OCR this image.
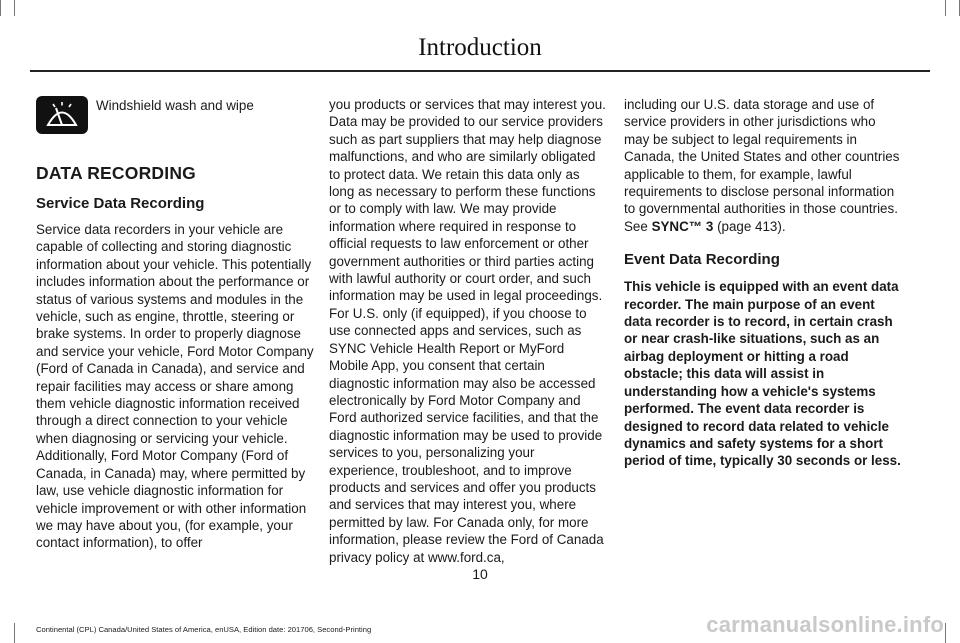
Introduction
Windshield wash and wipe
DATA RECORDING
Service Data Recording

Service data recorders in your vehicle are capable of collecting and storing diagnostic information about your vehicle. This potentially includes information about the performance or status of various systems and modules in the vehicle, such as engine, throttle, steering or brake systems. In order to properly diagnose and service your vehicle, Ford Motor Company (Ford of Canada in Canada), and service and repair facilities may access or share among them vehicle diagnostic information received through a direct connection to your vehicle when diagnosing or servicing your vehicle. Additionally, Ford Motor Company (Ford of Canada, in Canada) may, where permitted by law, use vehicle diagnostic information for vehicle improvement or with other information we may have about you, (for example, your contact information), to offer

you products or services that may interest you. Data may be provided to our service providers such as part suppliers that may help diagnose malfunctions, and who are similarly obligated to protect data. We retain this data only as long as necessary to perform these functions or to comply with law. We may provide information where required in response to official requests to law enforcement or other government authorities or third parties acting with lawful authority or court order, and such information may be used in legal proceedings. For U.S. only (if equipped), if you choose to use connected apps and services, such as SYNC Vehicle Health Report or MyFord Mobile App, you consent that certain diagnostic information may also be accessed electronically by Ford Motor Company and Ford authorized service facilities, and that the diagnostic information may be used to provide services to you, personalizing your experience, troubleshoot, and to improve products and services and offer you products and services that may interest you, where permitted by law. For Canada only, for more information, please review the Ford of Canada privacy policy at www.ford.ca,

including our U.S. data storage and use of service providers in other jurisdictions who may be subject to legal requirements in Canada, the United States and other countries applicable to them, for example, lawful requirements to disclose personal information to governmental authorities in those countries. See SYNC™ 3 (page 413).

Event Data Recording

This vehicle is equipped with an event data recorder. The main purpose of an event data recorder is to record, in certain crash or near crash-like situations, such as an airbag deployment or hitting a road obstacle; this data will assist in understanding how a vehicle's systems performed. The event data recorder is designed to record data related to vehicle dynamics and safety systems for a short period of time, typically 30 seconds or less.

10
Continental (CPL) Canada/United States of America, enUSA, Edition date: 201706, Second-Printing	carmanualsonline.info
